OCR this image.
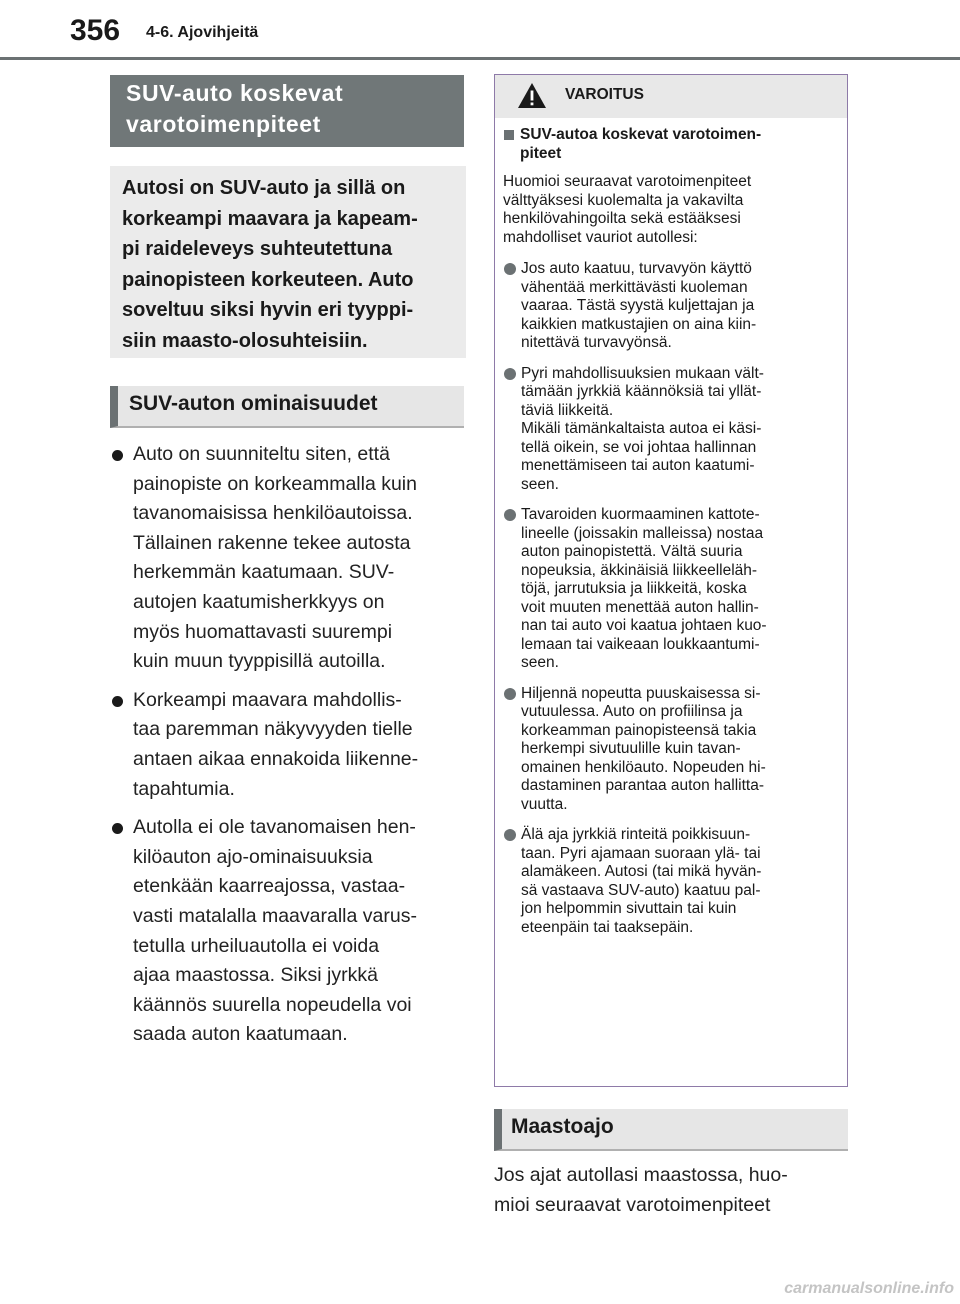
356 4-6. Ajovihjeitä
SUV-auto koskevat
varotoimenpiteet
Autosi on SUV-auto ja sillä on
korkeampi maavara ja kapeam-
pi raideleveys suhteutettuna
painopisteen korkeuteen. Auto
soveltuu siksi hyvin eri tyyppi-
siin maasto-olosuhteisiin.
SUV-auton ominaisuudet
Auto on suunniteltu siten, että
painopiste on korkeammalla kuin
tavanomaisissa henkilöautoissa.
Tällainen rakenne tekee autosta
herkemmän kaatumaan. SUV-
autojen kaatumisherkkyys on
myös huomattavasti suurempi
kuin muun tyyppisillä autoilla.
Korkeampi maavara mahdollis-
taa paremman näkyvyyden tielle
antaen aikaa ennakoida liikenne-
tapahtumia.
Autolla ei ole tavanomaisen hen-
kilöauton ajo-ominaisuuksia
etenkään kaarreajossa, vastaa-
vasti matalalla maavaralla varus-
tetulla urheiluautolla ei voida
ajaa maastossa. Siksi jyrkkä
käännös suurella nopeudella voi
saada auton kaatumaan.
VAROITUS
SUV-autoa koskevat varotoimen-
piteet
Huomioi seuraavat varotoimenpiteet
välttyäksesi kuolemalta ja vakavilta
henkilövahingoilta sekä estääksesi
mahdolliset vauriot autollesi:
Jos auto kaatuu, turvavyön käyttö
vähentää merkittävästi kuoleman
vaaraa. Tästä syystä kuljettajan ja
kaikkien matkustajien on aina kiin-
nitettävä turvavyönsä.
Pyri mahdollisuuksien mukaan vält-
tämään jyrkkiä käännöksiä tai yllät-
täviä liikkeitä.
Mikäli tämänkaltaista autoa ei käsi-
tellä oikein, se voi johtaa hallinnan
menettämiseen tai auton kaatumi-
seen.
Tavaroiden kuormaaminen kattote-
lineelle (joissakin malleissa) nostaa
auton painopistettä. Vältä suuria
nopeuksia, äkkinäisiä liikkeelleläh-
töjä, jarrutuksia ja liikkeitä, koska
voit muuten menettää auton hallin-
nan tai auto voi kaatua johtaen kuo-
lemaan tai vaikeaan loukkaantumi-
seen.
Hiljennä nopeutta puuskaisessa si-
vutuulessa. Auto on profiilinsa ja
korkeamman painopisteensä takia
herkempi sivutuulille kuin tavan-
omainen henkilöauto. Nopeuden hi-
dastaminen parantaa auton hallitta-
vuutta.
Älä aja jyrkkiä rinteitä poikkisuun-
taan. Pyri ajamaan suoraan ylä- tai
alamäkeen. Autosi (tai mikä hyvän-
sä vastaava SUV-auto) kaatuu pal-
jon helpommin sivuttain tai kuin
eteenpäin tai taaksepäin.
Maastoajo
Jos ajat autollasi maastossa, huo-
mioi seuraavat varotoimenpiteet
carmanualsonline.info
